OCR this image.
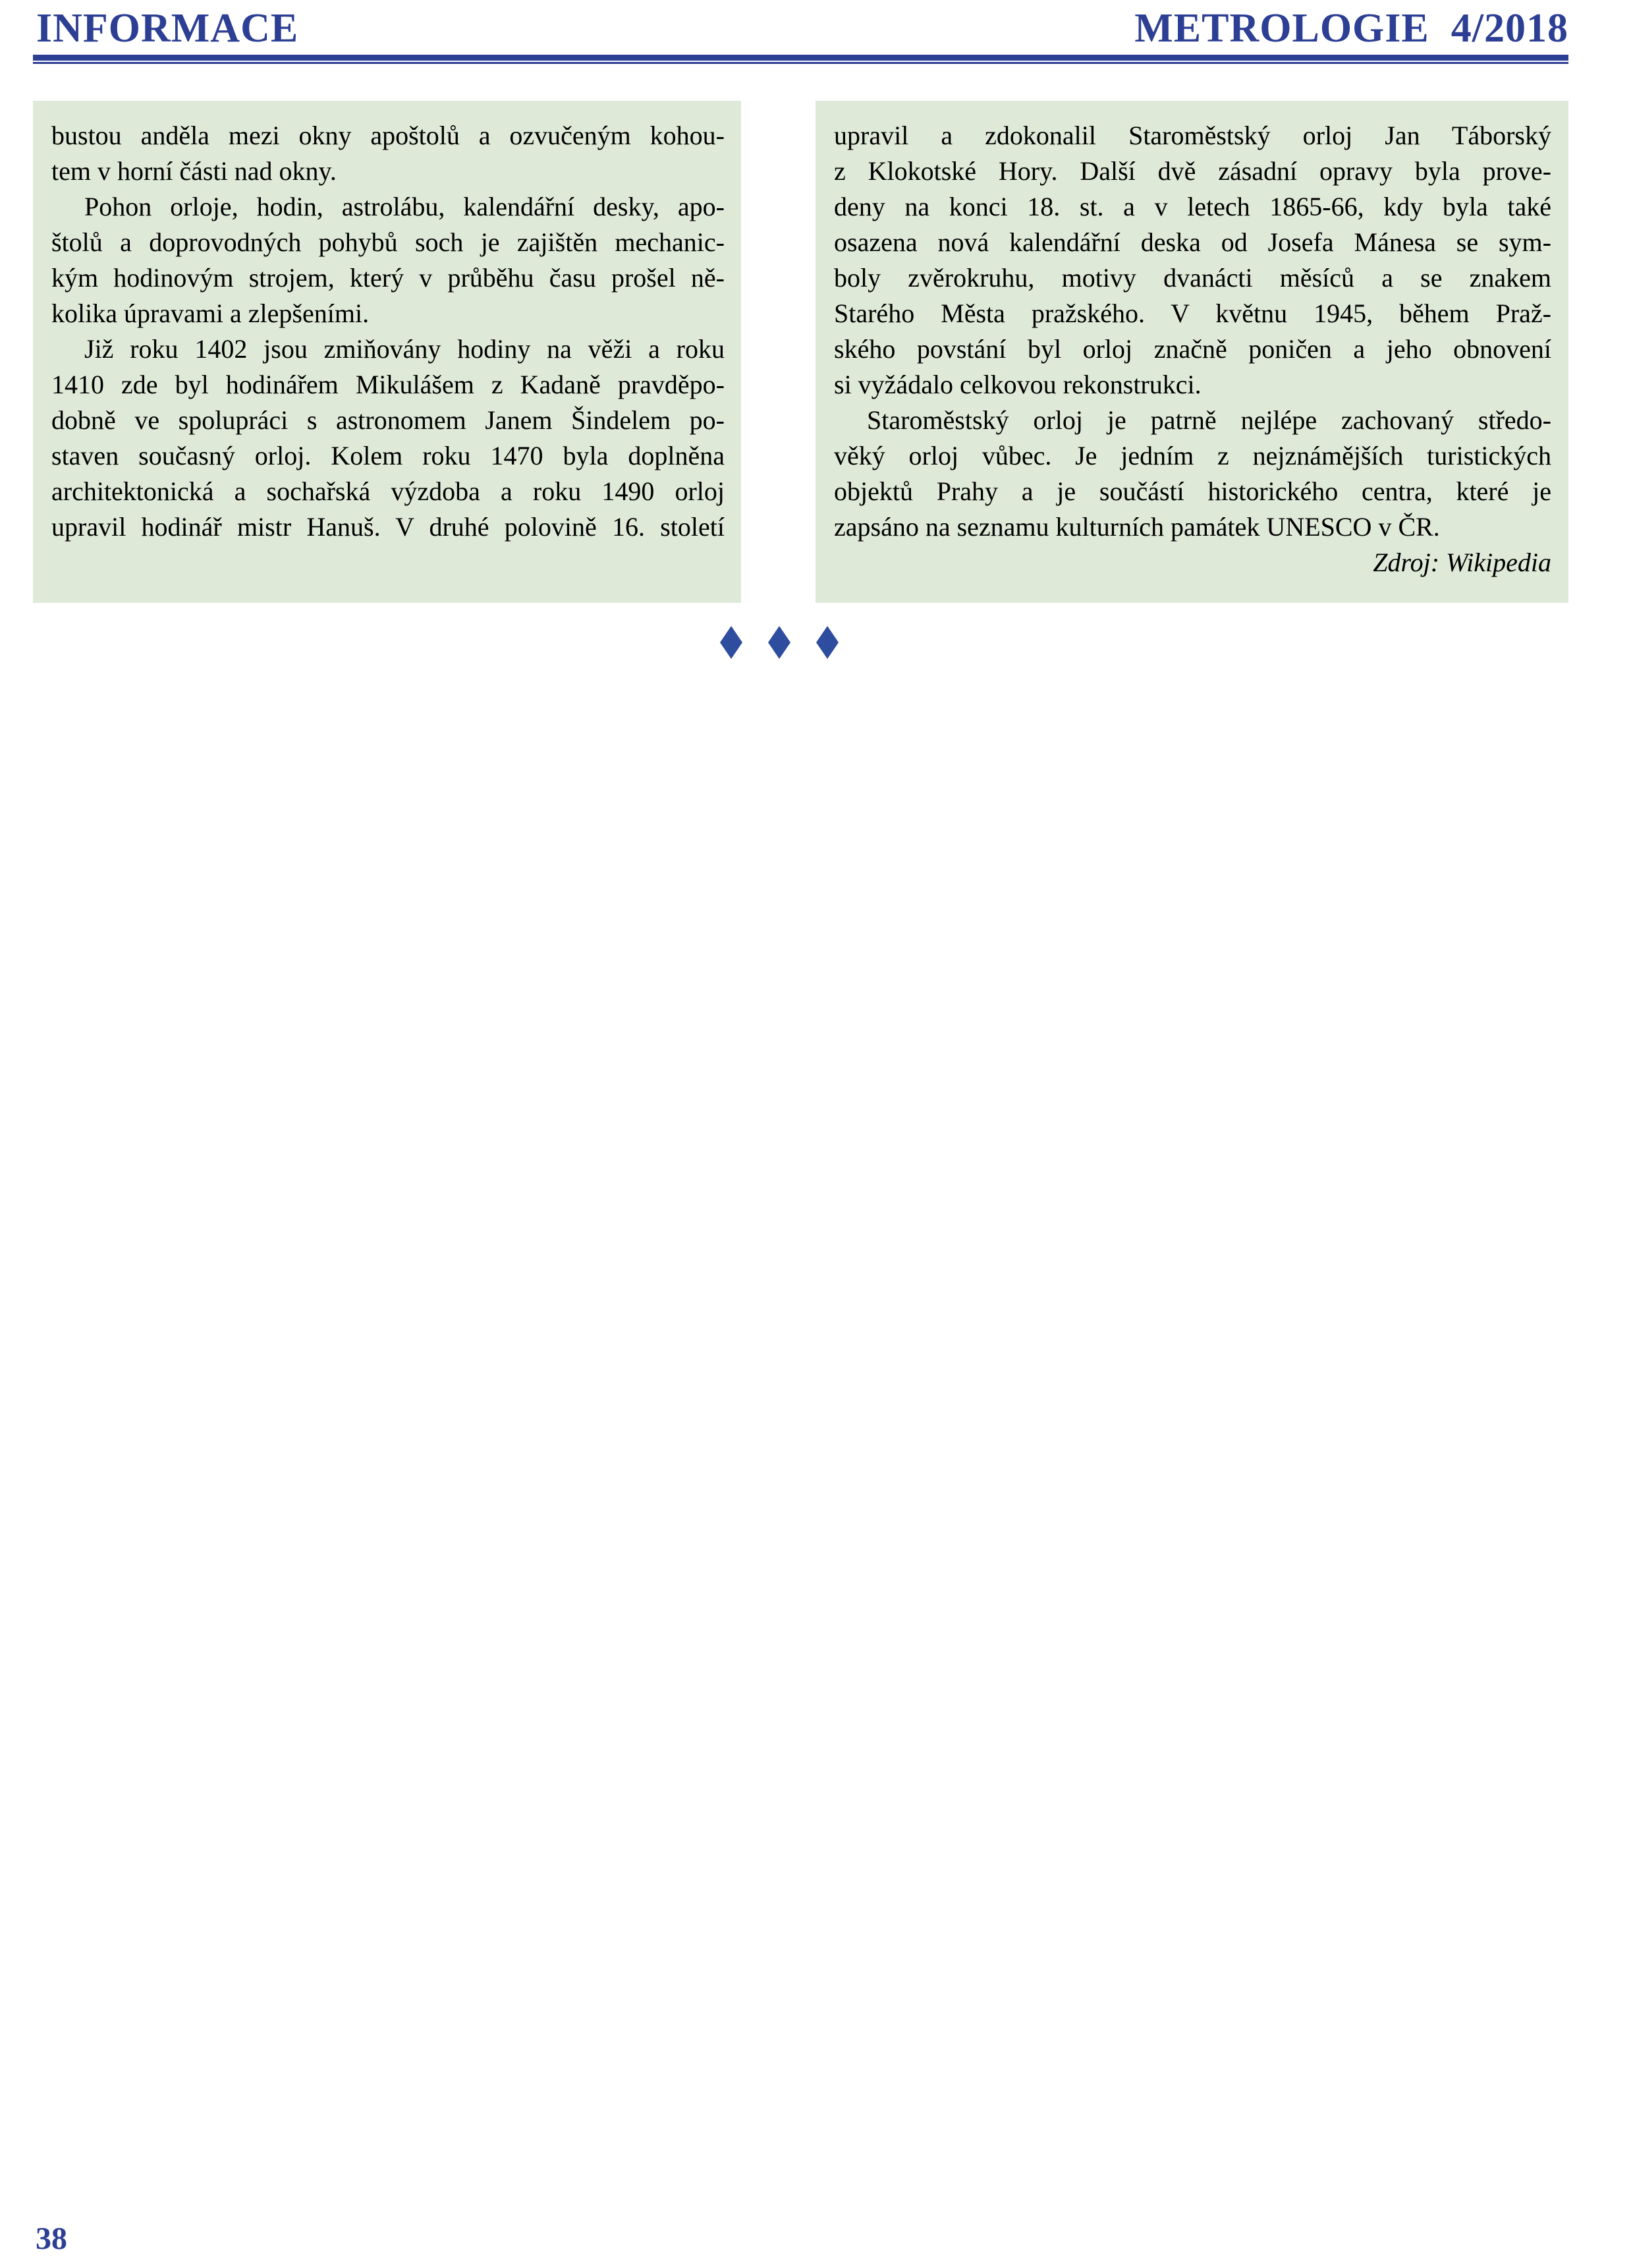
INFORMACE	METROLOGIE  4/2018
bustou anděla mezi okny apoštolů a ozvučeným kohou-
tem v horní části nad okny.
Pohon orloje, hodin, astrolábu, kalendářní desky, apo-
štolů a doprovodných pohybů soch je zajištěn mechanic-
kým hodinovým strojem, který v průběhu času prošel ně-
kolika úpravami a zlepšeními.
Již roku 1402 jsou zmiňovány hodiny na věži a roku
1410 zde byl hodinářem Mikulášem z Kadaně pravděpo-
dobně ve spolupráci s astronomem Janem Šindelem po-
staven současný orloj. Kolem roku 1470 byla doplněna
architektonická a sochařská výzdoba a roku 1490 orloj
upravil hodinář mistr Hanuš. V druhé polovině 16. století
upravil a zdokonalil Staroměstský orloj Jan Táborský
z Klokotské Hory. Další dvě zásadní opravy byla prove-
deny na konci 18. st. a v letech 1865-66, kdy byla také
osazena nová kalendářní deska od Josefa Mánesa se sym-
boly zvěrokruhu, motivy dvanácti měsíců a se znakem
Starého Města pražského. V květnu 1945, během Praž-
ského povstání byl orloj značně poničen a jeho obnovení
si vyžádalo celkovou rekonstrukci.
Staroměstský orloj je patrně nejlépe zachovaný středo-
věký orloj vůbec. Je jedním z nejznámějších turistických
objektů Prahy a je součástí historického centra, které je
zapsáno na seznamu kulturních památek UNESCO v ČR.
Zdroj: Wikipedia
38
